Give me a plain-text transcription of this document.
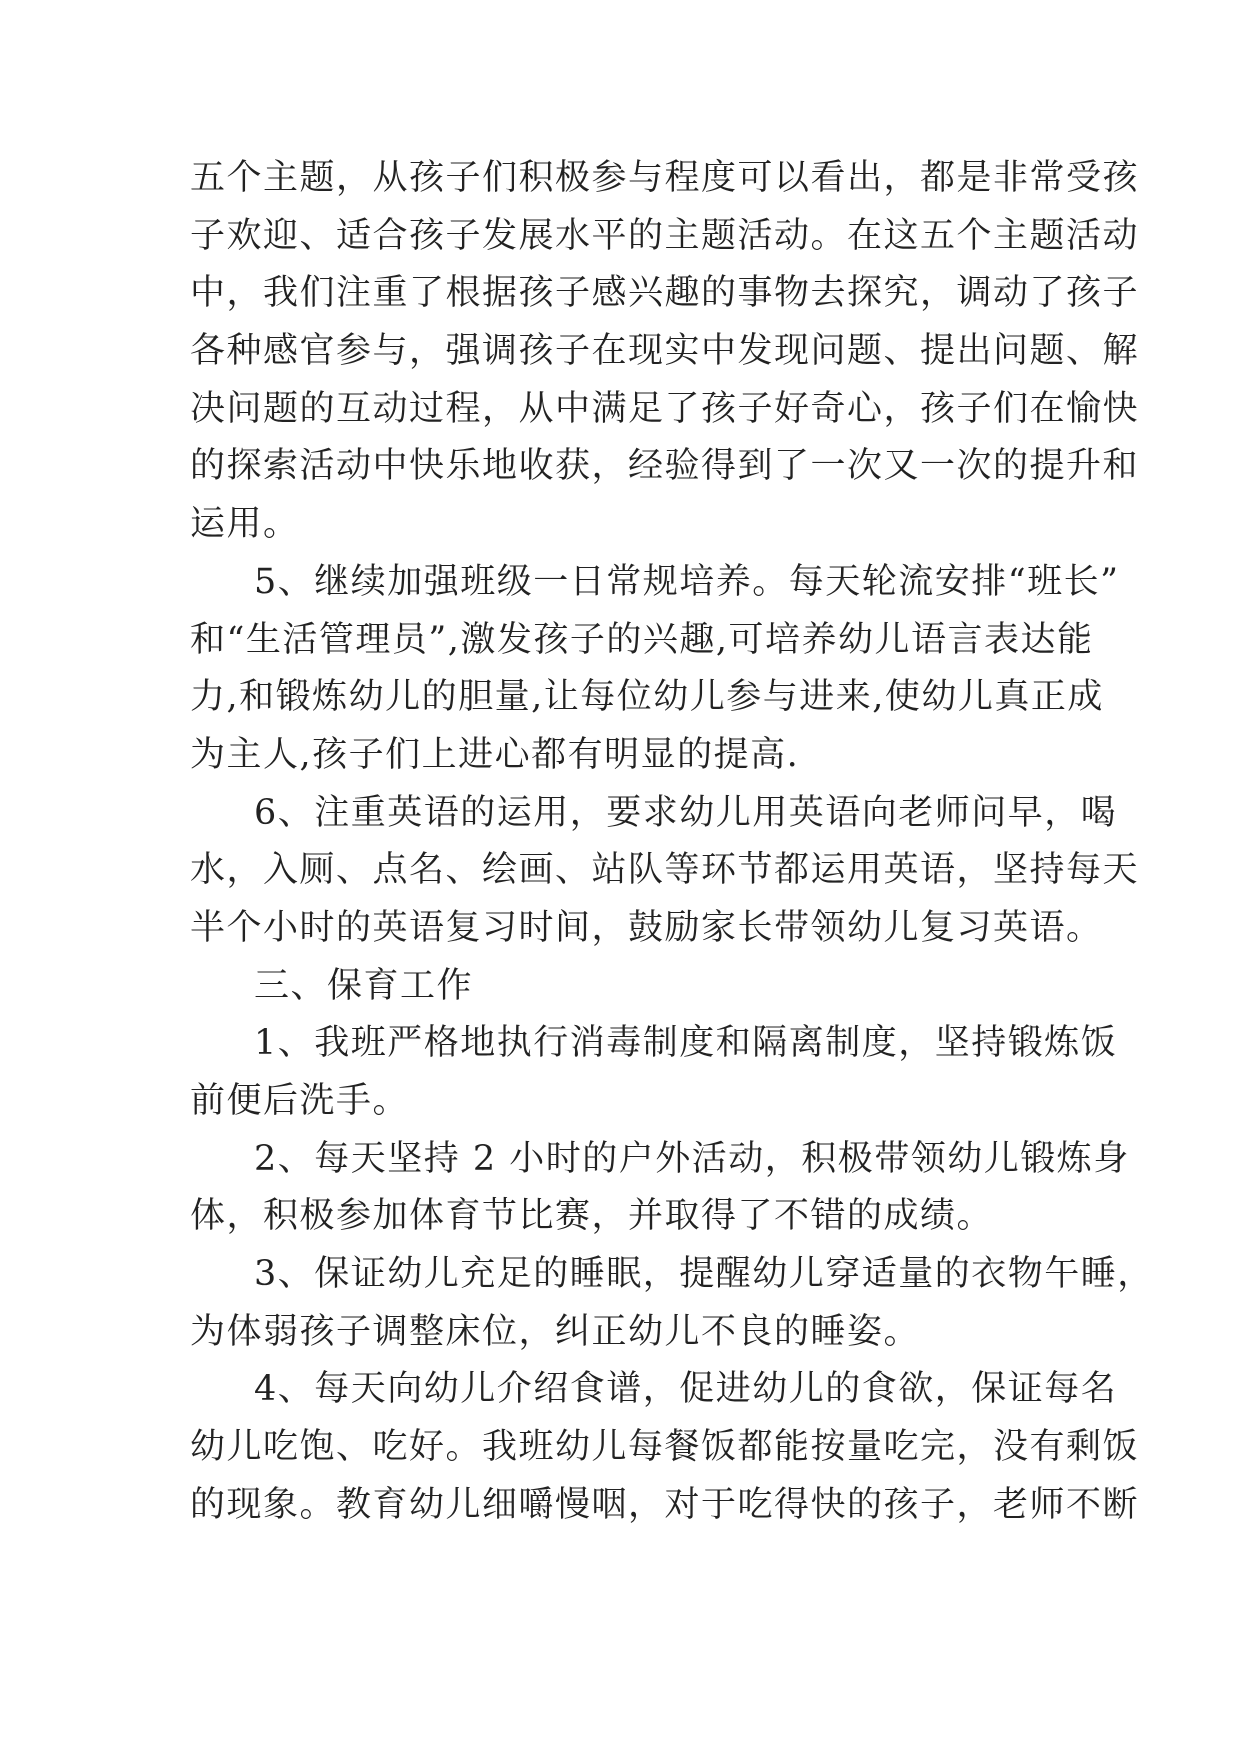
五个主题，从孩子们积极参与程度可以看出，都是非常受孩
子欢迎、适合孩子发展水平的主题活动。在这五个主题活动
中，我们注重了根据孩子感兴趣的事物去探究，调动了孩子
各种感官参与，强调孩子在现实中发现问题、提出问题、解
决问题的互动过程，从中满足了孩子好奇心，孩子们在愉快
的探索活动中快乐地收获，经验得到了一次又一次的提升和
运用。
5、继续加强班级一日常规培养。每天轮流安排“班长”
和“生活管理员”,激发孩子的兴趣,可培养幼儿语言表达能
力,和锻炼幼儿的胆量,让每位幼儿参与进来,使幼儿真正成
为主人,孩子们上进心都有明显的提高.
6、注重英语的运用，要求幼儿用英语向老师问早，喝
水，入厕、点名、绘画、站队等环节都运用英语，坚持每天
半个小时的英语复习时间，鼓励家长带领幼儿复习英语。
三、保育工作
1、我班严格地执行消毒制度和隔离制度，坚持锻炼饭
前便后洗手。
2、每天坚持 2 小时的户外活动，积极带领幼儿锻炼身
体，积极参加体育节比赛，并取得了不错的成绩。
3、保证幼儿充足的睡眠，提醒幼儿穿适量的衣物午睡，
为体弱孩子调整床位，纠正幼儿不良的睡姿。
4、每天向幼儿介绍食谱，促进幼儿的食欲，保证每名
幼儿吃饱、吃好。我班幼儿每餐饭都能按量吃完，没有剩饭
的现象。教育幼儿细嚼慢咽，对于吃得快的孩子，老师不断
